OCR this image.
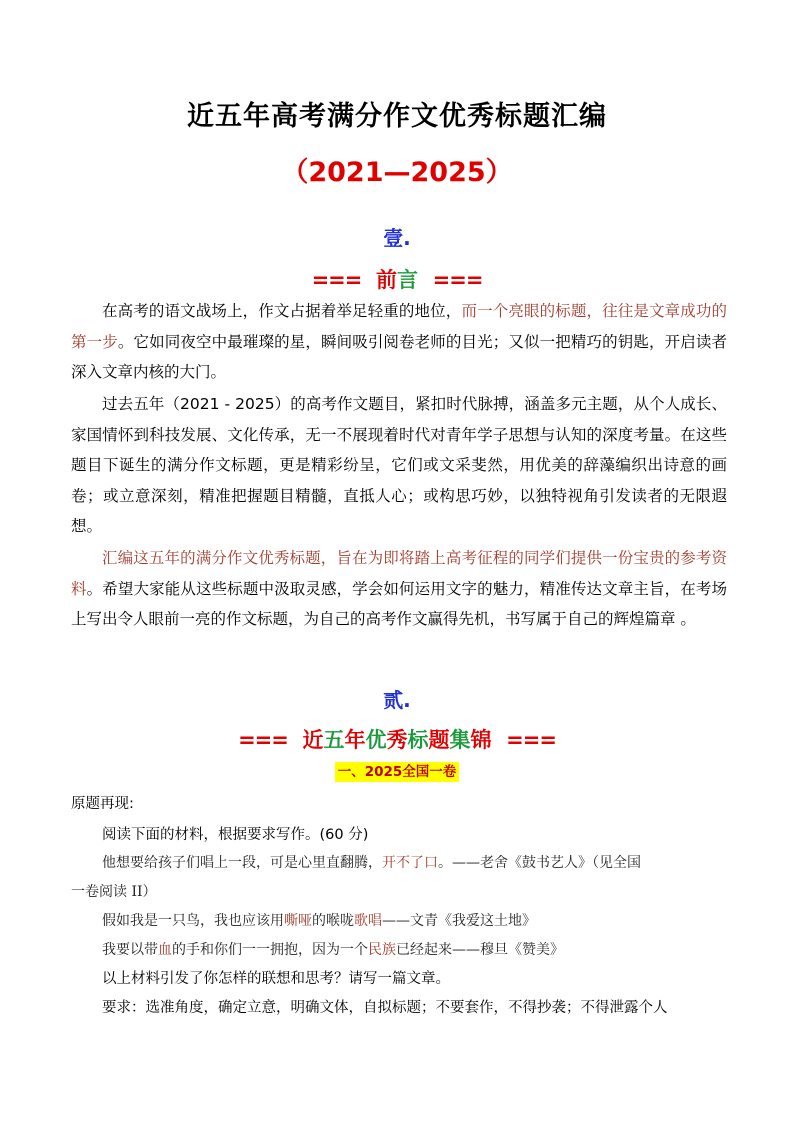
近五年高考满分作文优秀标题汇编
（2021—2025）
壹.
=== 前言 ===
在高考的语文战场上，作文占据着举足轻重的地位，而一个亮眼的标题，往往是文章成功的第一步。它如同夜空中最璀璨的星，瞬间吸引阅卷老师的目光；又似一把精巧的钥匙，开启读者深入文章内核的大门。
过去五年（2021 - 2025）的高考作文题目，紧扣时代脉搏，涵盖多元主题，从个人成长、家国情怀到科技发展、文化传承，无一不展现着时代对青年学子思想与认知的深度考量。在这些题目下诞生的满分作文标题，更是精彩纷呈，它们或文采斐然，用优美的辞藻编织出诗意的画卷；或立意深刻，精准把握题目精髓，直抵人心；或构思巧妙，以独特视角引发读者的无限遐想。
汇编这五年的满分作文优秀标题，旨在为即将踏上高考征程的同学们提供一份宝贵的参考资料。希望大家能从这些标题中汲取灵感，学会如何运用文字的魅力，精准传达文章主旨，在考场上写出令人眼前一亮的作文标题，为自己的高考作文赢得先机，书写属于自己的辉煌篇章 。
贰.
=== 近五年优秀标题集锦 ===
一、2025全国一卷
原题再现:
阅读下面的材料，根据要求写作。(60 分)
他想要给孩子们唱上一段，可是心里直翻腾，开不了口。——老舍《鼓书艺人》（见全国
一卷阅读 II）
假如我是一只鸟，我也应该用嘶哑的喉咙歌唱——文青《我爱这土地》
我要以带血的手和你们一一拥抱，因为一个民族已经起来——穆旦《赞美》
以上材料引发了你怎样的联想和思考？请写一篇文章。
要求：选准角度，确定立意，明确文体，自拟标题；不要套作，不得抄袭；不得泄露个人
